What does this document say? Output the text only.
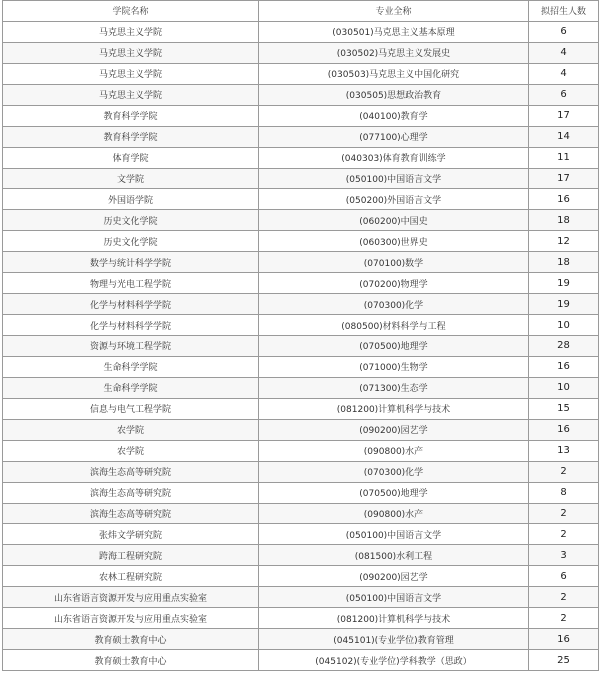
学院名称	专业全称	拟招生人数
马克思主义学院	(030501)马克思主义基本原理	6
马克思主义学院	(030502)马克思主义发展史	4
马克思主义学院	(030503)马克思主义中国化研究	4
马克思主义学院	(030505)思想政治教育	6
教育科学学院	(040100)教育学	17
教育科学学院	(077100)心理学	14
体育学院	(040303)体育教育训练学	11
文学院	(050100)中国语言文学	17
外国语学院	(050200)外国语言文学	16
历史文化学院	(060200)中国史	18
历史文化学院	(060300)世界史	12
数学与统计科学学院	(070100)数学	18
物理与光电工程学院	(070200)物理学	19
化学与材料科学学院	(070300)化学	19
化学与材料科学学院	(080500)材料科学与工程	10
资源与环境工程学院	(070500)地理学	28
生命科学学院	(071000)生物学	16
生命科学学院	(071300)生态学	10
信息与电气工程学院	(081200)计算机科学与技术	15
农学院	(090200)园艺学	16
农学院	(090800)水产	13
滨海生态高等研究院	(070300)化学	2
滨海生态高等研究院	(070500)地理学	8
滨海生态高等研究院	(090800)水产	2
张炜文学研究院	(050100)中国语言文学	2
跨海工程研究院	(081500)水利工程	3
农林工程研究院	(090200)园艺学	6
山东省语言资源开发与应用重点实验室	(050100)中国语言文学	2
山东省语言资源开发与应用重点实验室	(081200)计算机科学与技术	2
教育硕士教育中心	(045101)(专业学位)教育管理	16
教育硕士教育中心	(045102)(专业学位)学科教学（思政）	25
